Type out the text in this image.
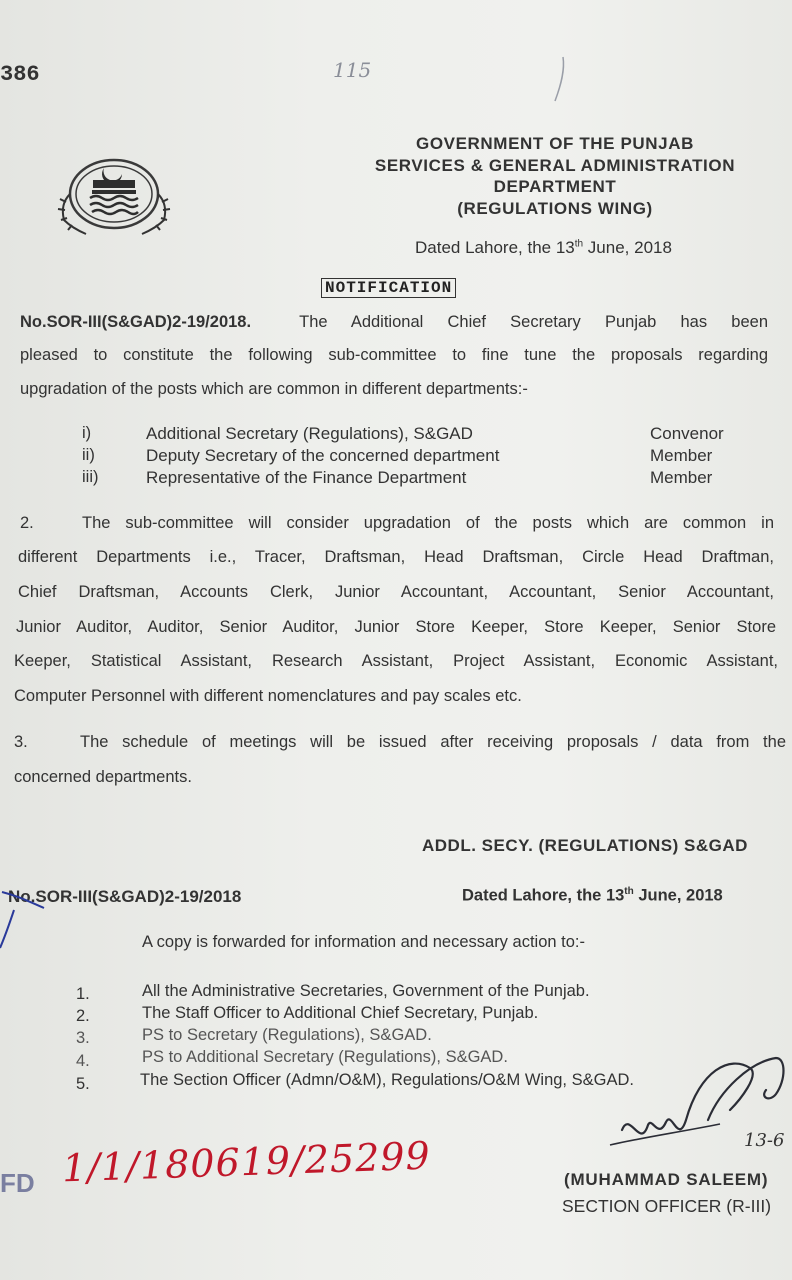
386	115
GOVERNMENT OF THE PUNJAB
SERVICES & GENERAL ADMINISTRATION
DEPARTMENT
(REGULATIONS WING)
Dated Lahore, the 13th June, 2018
NOTIFICATION
No.SOR-III(S&GAD)2-19/2018.	The Additional Chief Secretary Punjab has been
pleased to constitute the following sub-committee to fine tune the proposals regarding
upgradation of the posts which are common in different departments:-
i)	Additional Secretary (Regulations), S&GAD	Convenor
ii)	Deputy Secretary of the concerned department	Member
iii)	Representative of the Finance Department	Member
2.	The sub-committee will consider upgradation of the posts which are common in
different Departments i.e., Tracer, Draftsman, Head Draftsman, Circle Head Draftman,
Chief Draftsman, Accounts Clerk, Junior Accountant, Accountant, Senior Accountant,
Junior Auditor, Auditor, Senior Auditor, Junior Store Keeper, Store Keeper, Senior Store
Keeper, Statistical Assistant, Research Assistant, Project Assistant, Economic Assistant,
Computer Personnel with different nomenclatures and pay scales etc.
3.	The schedule of meetings will be issued after receiving proposals / data from the
concerned departments.
ADDL. SECY. (REGULATIONS) S&GAD
No.SOR-III(S&GAD)2-19/2018	Dated Lahore, the 13th June, 2018
A copy is forwarded for information and necessary action to:-
1.	All the Administrative Secretaries, Government of the Punjab.
2.	The Staff Officer to Additional Chief Secretary, Punjab.
3.	PS to Secretary (Regulations), S&GAD.
4.	PS to Additional Secretary (Regulations), S&GAD.
5.	The Section Officer (Admn/O&M), Regulations/O&M Wing, S&GAD.
13-6
FD 1/1/180619/25299	(MUHAMMAD SALEEM)
SECTION OFFICER (R-III)
